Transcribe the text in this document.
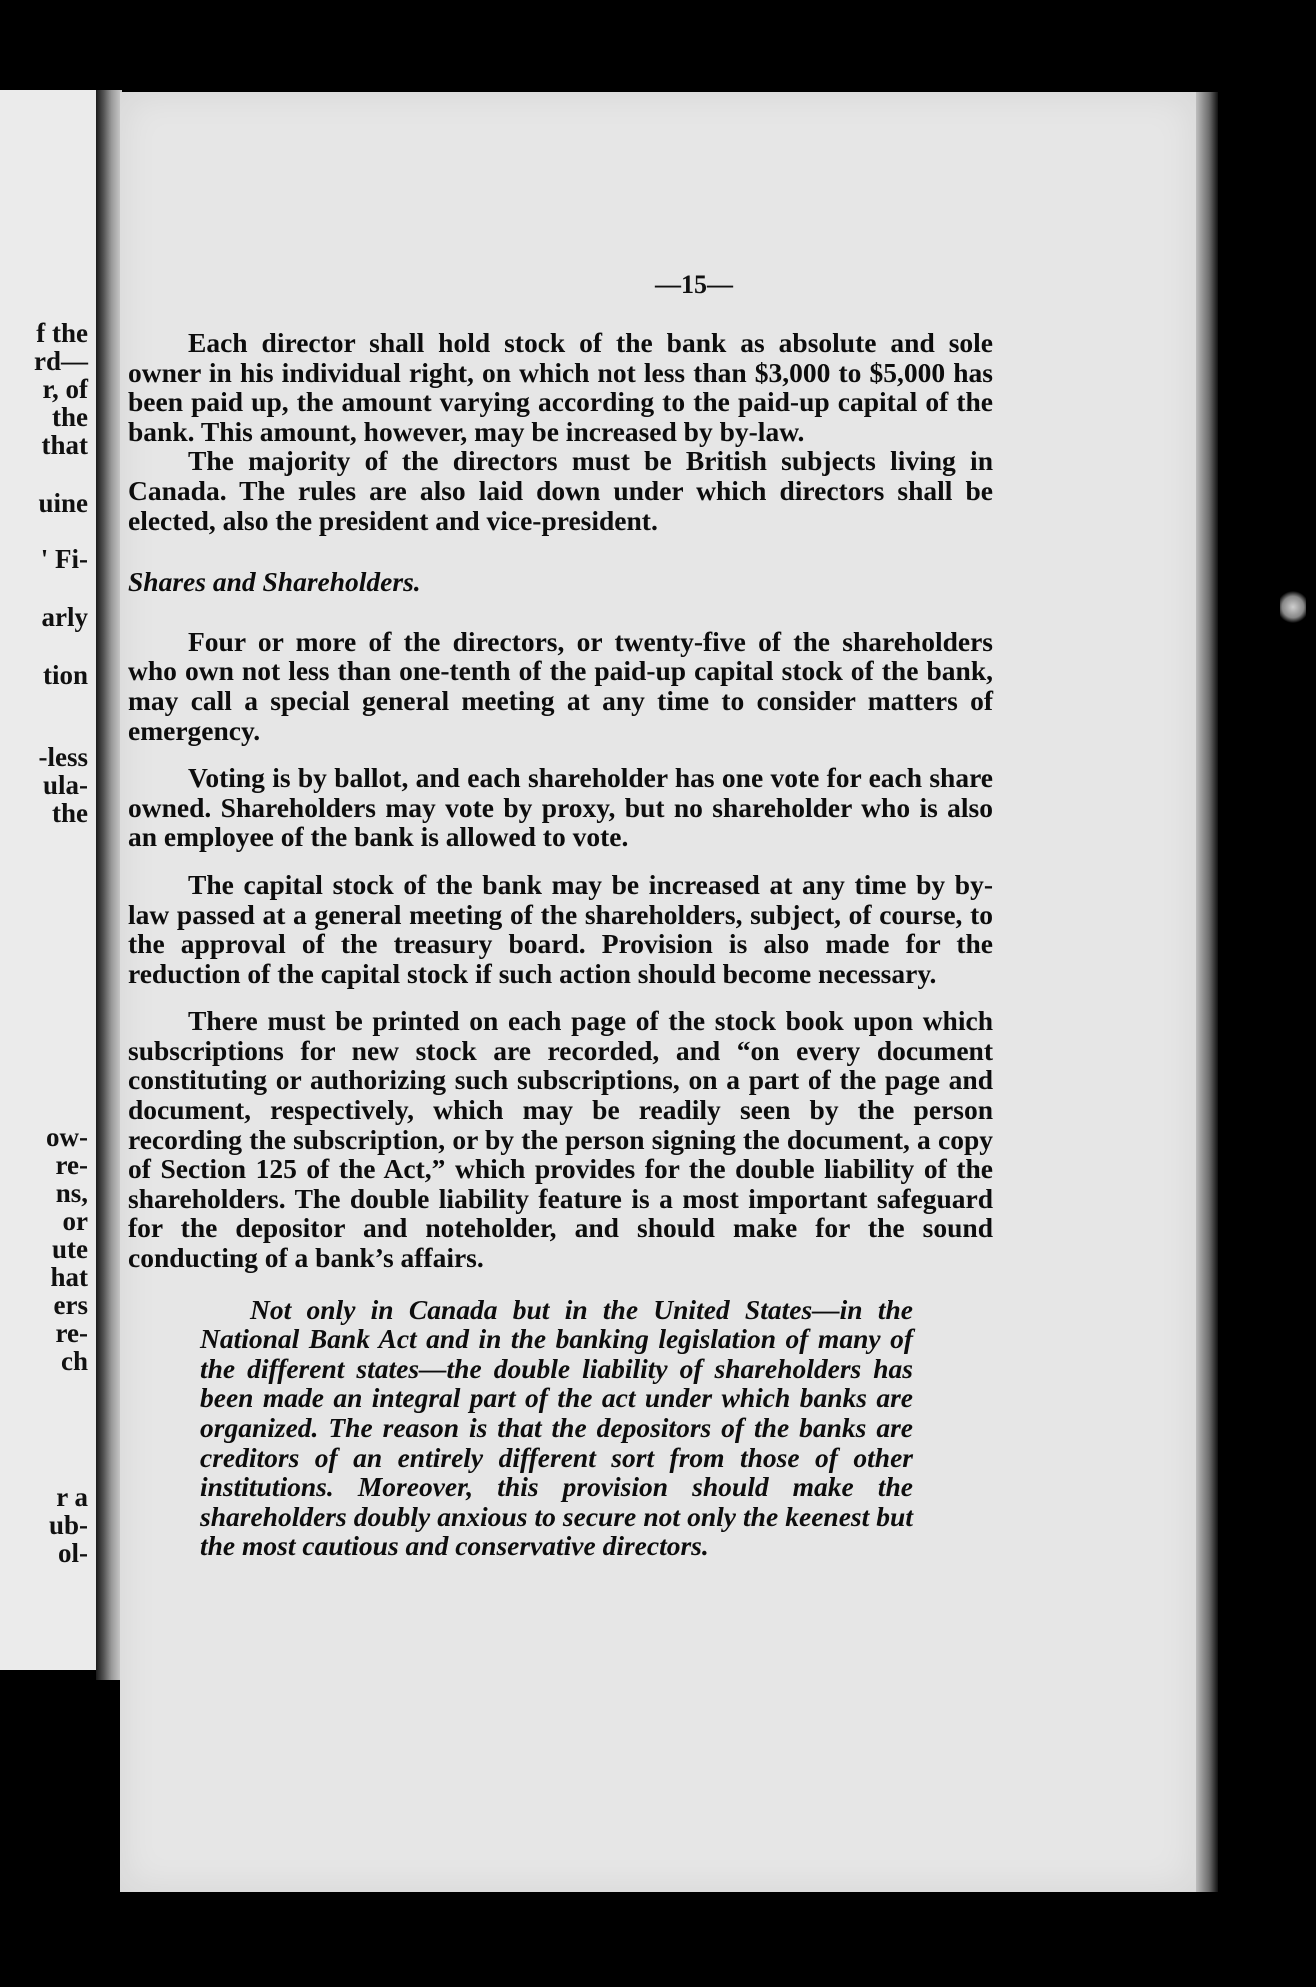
f the

rd—

r, of

the

that

uine

' Fi-

arly

tion

-less

ula-

the

ow-

re-

ns,

or

ute

hat

ers

re-

ch

r a

ub-

ol-

—15—

Each director shall hold stock of the bank as absolute and sole owner in his individual right, on which not less than $3,000 to $5,000 has been paid up, the amount varying according to the paid-up capital of the bank. This amount, however, may be increased by by-law.

The majority of the directors must be British subjects living in Canada. The rules are also laid down under which directors shall be elected, also the president and vice-president.

Shares and Shareholders.

Four or more of the directors, or twenty-five of the shareholders who own not less than one-tenth of the paid-up capital stock of the bank, may call a special general meeting at any time to consider matters of emergency.

Voting is by ballot, and each shareholder has one vote for each share owned. Shareholders may vote by proxy, but no shareholder who is also an employee of the bank is allowed to vote.

The capital stock of the bank may be increased at any time by by-law passed at a general meeting of the shareholders, subject, of course, to the approval of the treasury board. Provision is also made for the reduction of the capital stock if such action should become necessary.

There must be printed on each page of the stock book upon which subscriptions for new stock are recorded, and “on every document constituting or authorizing such subscriptions, on a part of the page and document, respectively, which may be readily seen by the person recording the subscription, or by the person signing the document, a copy of Section 125 of the Act,” which provides for the double liability of the shareholders. The double liability feature is a most important safeguard for the depositor and noteholder, and should make for the sound conducting of a bank’s affairs.

Not only in Canada but in the United States—in the National Bank Act and in the banking legislation of many of the different states—the double liability of shareholders has been made an integral part of the act under which banks are organized. The reason is that the depositors of the banks are creditors of an entirely different sort from those of other institutions. Moreover, this provision should make the shareholders doubly anxious to secure not only the keenest but the most cautious and conservative directors.
